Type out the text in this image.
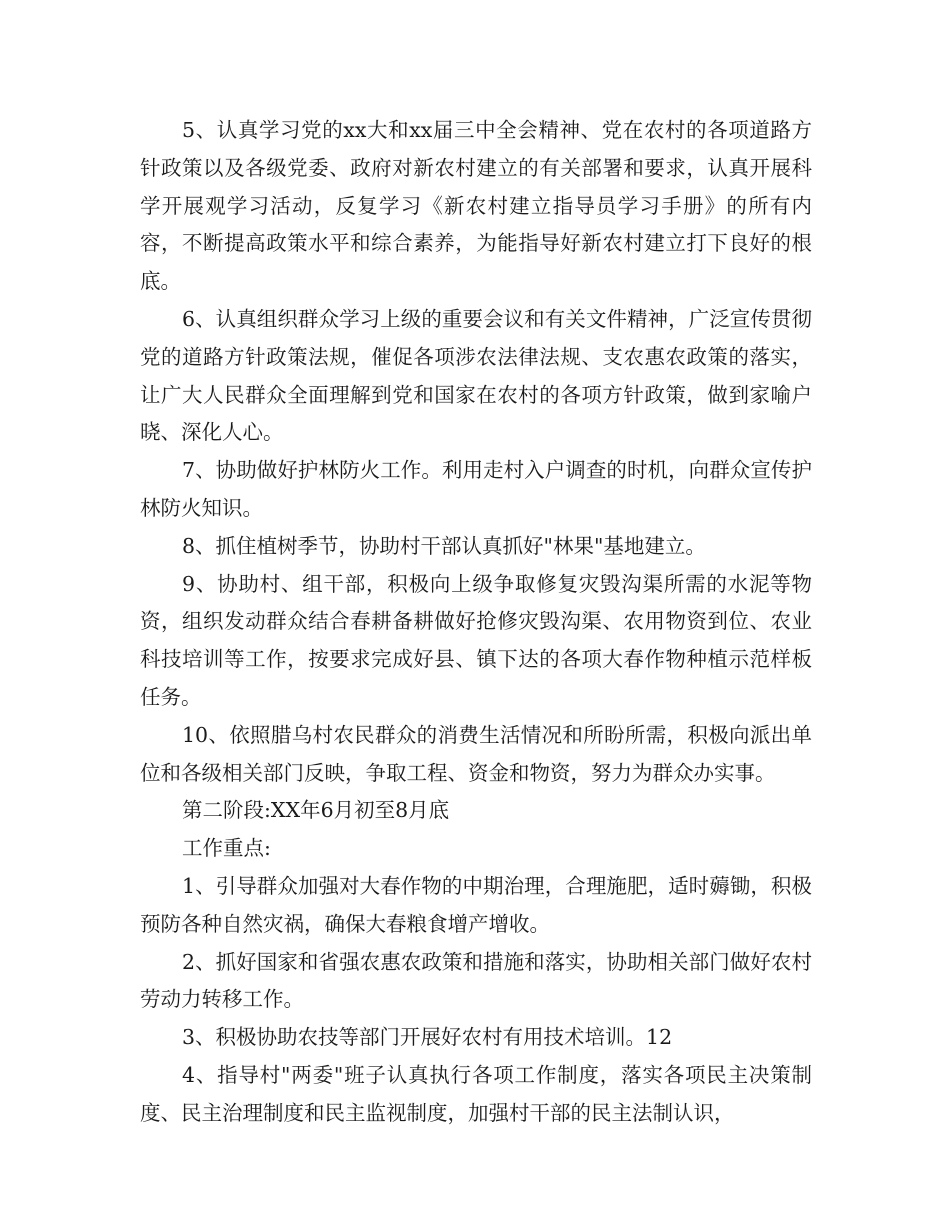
5、认真学习党的xx大和xx届三中全会精神、党在农村的各项道路方针政策以及各级党委、政府对新农村建立的有关部署和要求，认真开展科学开展观学习活动，反复学习《新农村建立指导员学习手册》的所有内容，不断提高政策水平和综合素养，为能指导好新农村建立打下良好的根底。

6、认真组织群众学习上级的重要会议和有关文件精神，广泛宣传贯彻党的道路方针政策法规，催促各项涉农法律法规、支农惠农政策的落实，让广大人民群众全面理解到党和国家在农村的各项方针政策，做到家喻户晓、深化人心。

7、协助做好护林防火工作。利用走村入户调查的时机，向群众宣传护林防火知识。

8、抓住植树季节，协助村干部认真抓好"林果"基地建立。

9、协助村、组干部，积极向上级争取修复灾毁沟渠所需的水泥等物资，组织发动群众结合春耕备耕做好抢修灾毁沟渠、农用物资到位、农业科技培训等工作，按要求完成好县、镇下达的各项大春作物种植示范样板任务。

10、依照腊乌村农民群众的消费生活情况和所盼所需，积极向派出单位和各级相关部门反映，争取工程、资金和物资，努力为群众办实事。

第二阶段:XX年6月初至8月底

工作重点:

1、引导群众加强对大春作物的中期治理，合理施肥，适时薅锄，积极预防各种自然灾祸，确保大春粮食增产增收。

2、抓好国家和省强农惠农政策和措施和落实，协助相关部门做好农村劳动力转移工作。

3、积极协助农技等部门开展好农村有用技术培训。12

4、指导村"两委"班子认真执行各项工作制度，落实各项民主决策制度、民主治理制度和民主监视制度，加强村干部的民主法制认识，
